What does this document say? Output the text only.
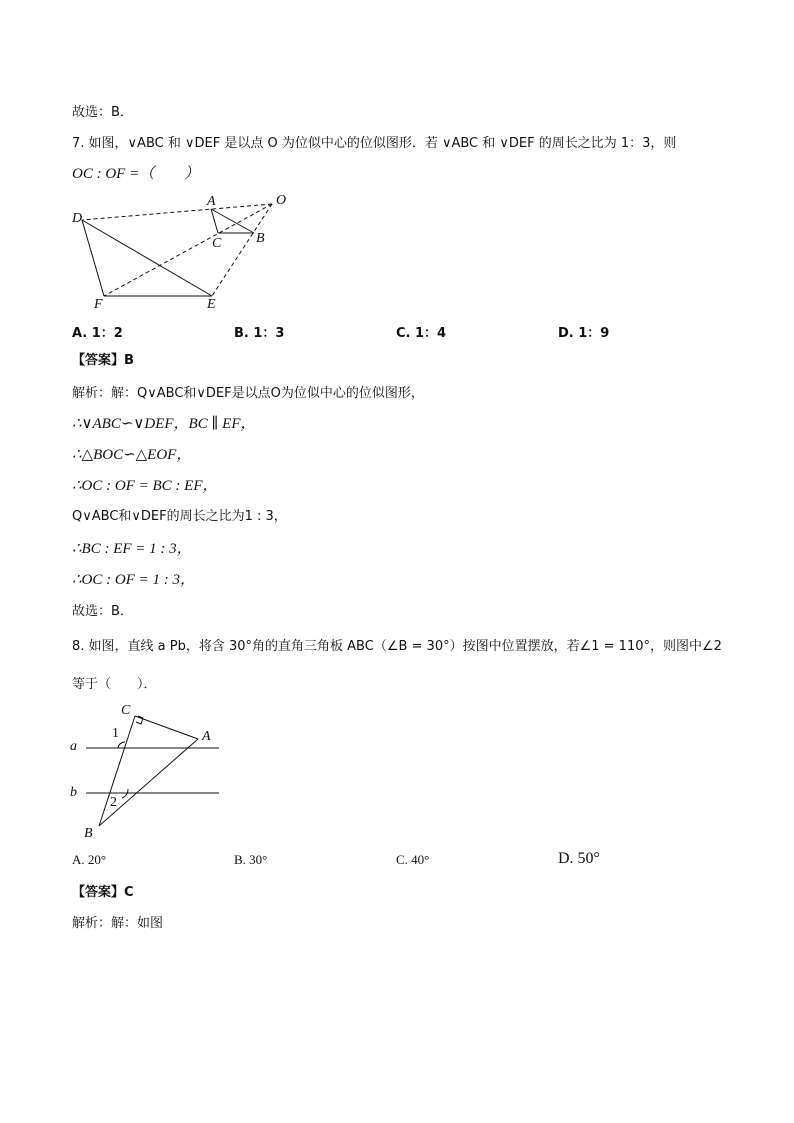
故选：B．
7. 如图，∨ABC 和 ∨DEF 是以点 O 为位似中心的位似图形．若 ∨ABC 和 ∨DEF 的周长之比为 1：3，则
OC : OF =（　　）
D
A	O
C B
F	E
A. 1：2	B. 1：3	C. 1：4	D. 1：9
【答案】B
解析：解：Q∨ABC和∨DEF是以点O为位似中心的位似图形，
∴∨ABC∽∨DEF，BC ∥ EF，
∴△BOC∽△EOF，
∴OC : OF = BC : EF，
Q∨ABC和∨DEF的周长之比为1 : 3，
∴BC : EF = 1 : 3，
∴OC : OF = 1 : 3，
故选：B．
8. 如图，直线 a Pb，将含 30°角的直角三角板 ABC（∠B = 30°）按图中位置摆放，若∠1 = 110°，则图中∠2
等于（　　）．
C
A
1
a
b
2
B
A. 20°	B. 30°	C. 40°	D. 50°
【答案】C
解析：解：如图
